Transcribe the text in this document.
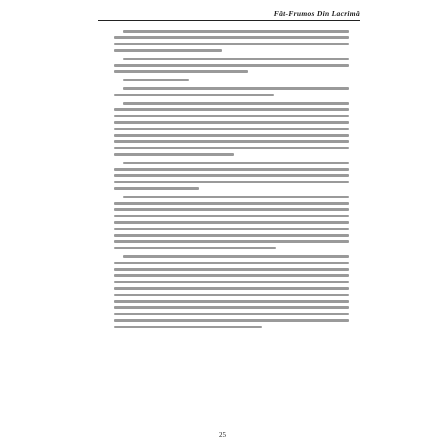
Făt-Frumos Din Lacrimă
25
